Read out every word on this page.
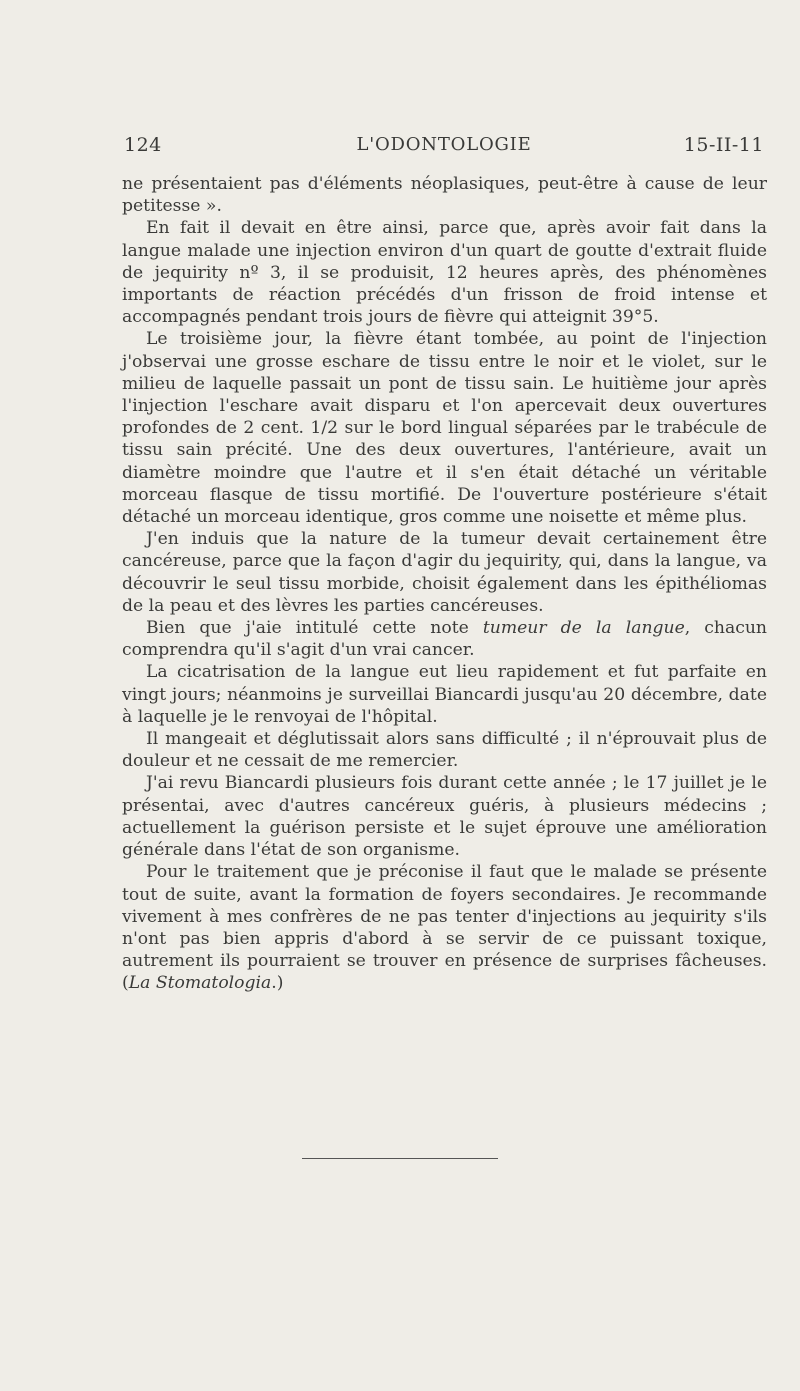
124	L'ODONTOLOGIE	15-II-11

ne présentaient pas d'éléments néoplasiques, peut-être à cause de leur petitesse ».

En fait il devait en être ainsi, parce que, après avoir fait dans la langue malade une injection environ d'un quart de goutte d'extrait fluide de jequirity nº 3, il se produisit, 12 heures après, des phénomènes importants de réaction précédés d'un frisson de froid intense et accompagnés pendant trois jours de fièvre qui atteignit 39°5.

Le troisième jour, la fièvre étant tombée, au point de l'injection j'observai une grosse eschare de tissu entre le noir et le violet, sur le milieu de laquelle passait un pont de tissu sain. Le huitième jour après l'injection l'eschare avait disparu et l'on apercevait deux ouvertures profondes de 2 cent. 1/2 sur le bord lingual séparées par le trabécule de tissu sain précité. Une des deux ouvertures, l'antérieure, avait un diamètre moindre que l'autre et il s'en était détaché un véritable morceau flasque de tissu mortifié. De l'ouverture postérieure s'était détaché un morceau identique, gros comme une noisette et même plus.

J'en induis que la nature de la tumeur devait certainement être cancéreuse, parce que la façon d'agir du jequirity, qui, dans la langue, va découvrir le seul tissu morbide, choisit également dans les épithéliomas de la peau et des lèvres les parties cancéreuses.

Bien que j'aie intitulé cette note tumeur de la langue, chacun comprendra qu'il s'agit d'un vrai cancer.

La cicatrisation de la langue eut lieu rapidement et fut parfaite en vingt jours; néanmoins je surveillai Biancardi jusqu'au 20 décembre, date à laquelle je le renvoyai de l'hôpital.

Il mangeait et déglutissait alors sans difficulté ; il n'éprouvait plus de douleur et ne cessait de me remercier.

J'ai revu Biancardi plusieurs fois durant cette année ; le 17 juillet je le présentai, avec d'autres cancéreux guéris, à plusieurs médecins ; actuellement la guérison persiste et le sujet éprouve une amélioration générale dans l'état de son organisme.

Pour le traitement que je préconise il faut que le malade se présente tout de suite, avant la formation de foyers secondaires. Je recommande vivement à mes confrères de ne pas tenter d'injections au jequirity s'ils n'ont pas bien appris d'abord à se servir de ce puissant toxique, autrement ils pourraient se trouver en présence de surprises fâcheuses. (La Stomatologia.)
